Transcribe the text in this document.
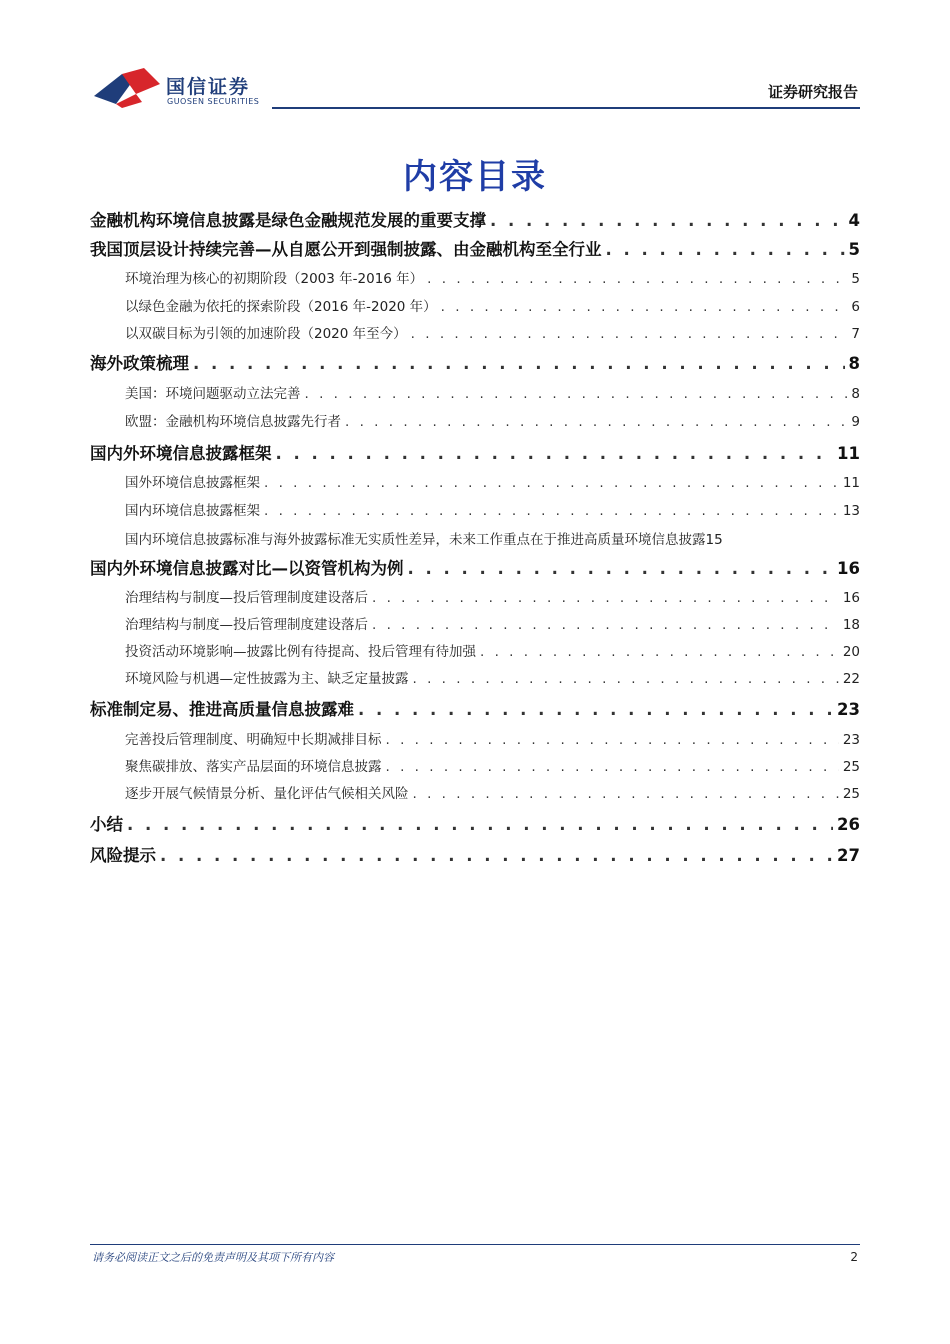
国信证券
GUOSEN SECURITIES
证券研究报告
内容目录
金融机构环境信息披露是绿色金融规范发展的重要支撑 . . .	4
我国顶层设计持续完善—从自愿公开到强制披露、由金融机构至全行业 . . .	5
环境治理为核心的初期阶段（2003 年-2016 年） . . .	5
以绿色金融为依托的探索阶段（2016 年-2020 年） . . .	6
以双碳目标为引领的加速阶段（2020 年至今） . . .	7
海外政策梳理 . . .	8
美国：环境问题驱动立法完善 . . .	8
欧盟：金融机构环境信息披露先行者 . . .	9
国内外环境信息披露框架 . . .	11
国外环境信息披露框架 . . .	11
国内环境信息披露框架 . . .	13
国内环境信息披露标准与海外披露标准无实质性差异，未来工作重点在于推进高质量环境信息披露 15
国内外环境信息披露对比—以资管机构为例 . . .	16
治理结构与制度—投后管理制度建设落后 . . .	16
治理结构与制度—投后管理制度建设落后 . . .	18
投资活动环境影响—披露比例有待提高、投后管理有待加强 . . .	20
环境风险与机遇—定性披露为主、缺乏定量披露 . . .	22
标准制定易、推进高质量信息披露难 . . .	23
完善投后管理制度、明确短中长期减排目标 . . .	23
聚焦碳排放、落实产品层面的环境信息披露 . . .	25
逐步开展气候情景分析、量化评估气候相关风险 . . .	25
小结 . . .	26
风险提示 . . .	27
请务必阅读正文之后的免责声明及其项下所有内容	2
